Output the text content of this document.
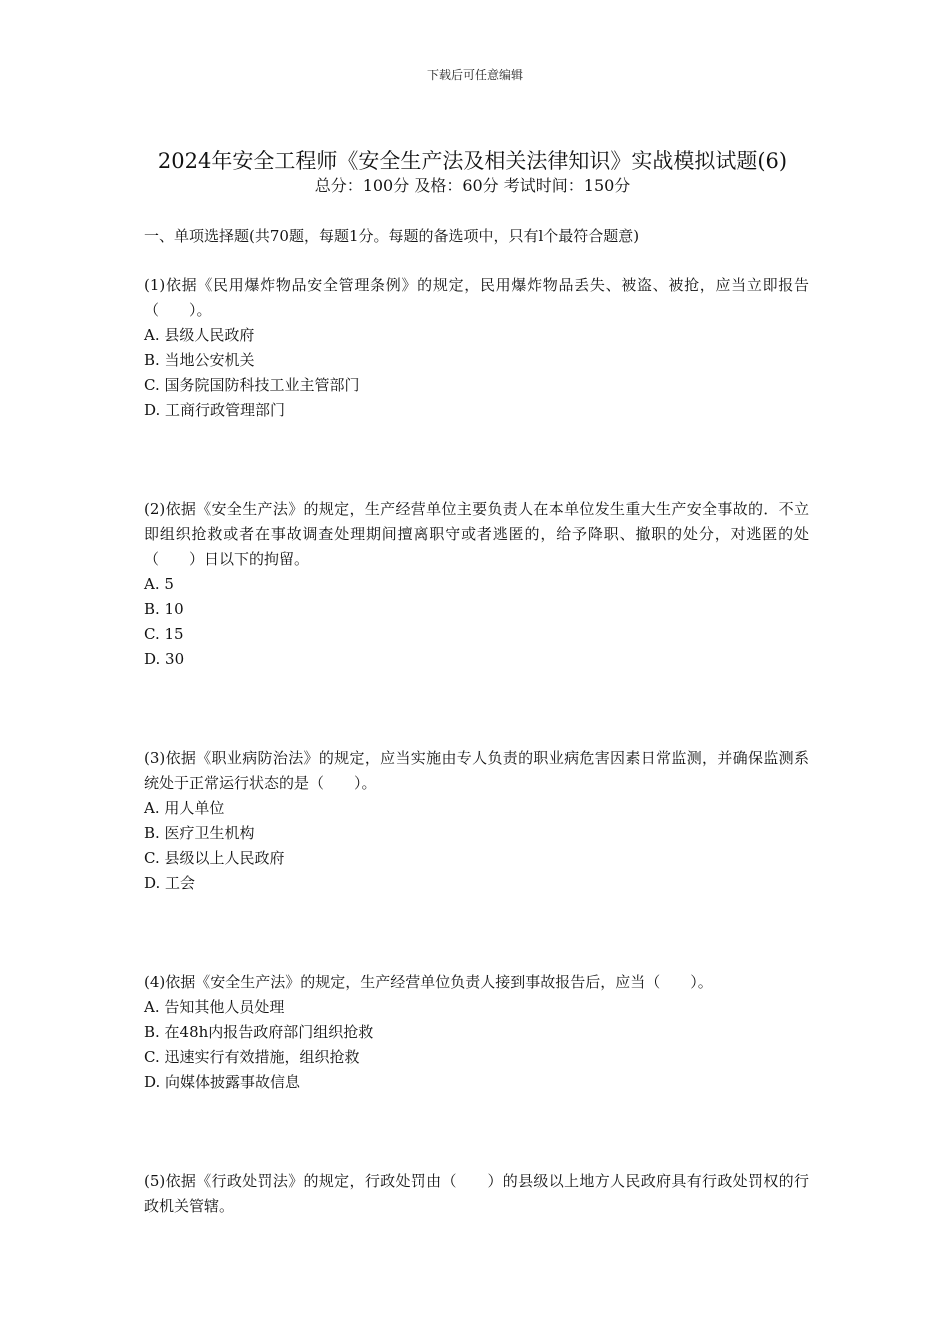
下载后可任意编辑
2024年安全工程师《安全生产法及相关法律知识》实战模拟试题(6)
总分：100分 及格：60分 考试时间：150分
一、单项选择题(共70题，每题1分。每题的备选项中，只有l个最符合题意)
(1)依据《民用爆炸物品安全管理条例》的规定，民用爆炸物品丢失、被盗、被抢，应当立即报告（　　）。
A. 县级人民政府
B. 当地公安机关
C. 国务院国防科技工业主管部门
D. 工商行政管理部门
(2)依据《安全生产法》的规定，生产经营单位主要负责人在本单位发生重大生产安全事故的．不立即组织抢救或者在事故调查处理期间擅离职守或者逃匿的，给予降职、撤职的处分，对逃匿的处（　　）日以下的拘留。
A. 5
B. 10
C. 15
D. 30
(3)依据《职业病防治法》的规定，应当实施由专人负责的职业病危害因素日常监测，并确保监测系统处于正常运行状态的是（　　）。
A. 用人单位
B. 医疗卫生机构
C. 县级以上人民政府
D. 工会
(4)依据《安全生产法》的规定，生产经营单位负责人接到事故报告后，应当（　　）。
A. 告知其他人员处理
B. 在48h内报告政府部门组织抢救
C. 迅速实行有效措施，组织抢救
D. 向媒体披露事故信息
(5)依据《行政处罚法》的规定，行政处罚由（　　）的县级以上地方人民政府具有行政处罚权的行政机关管辖。
